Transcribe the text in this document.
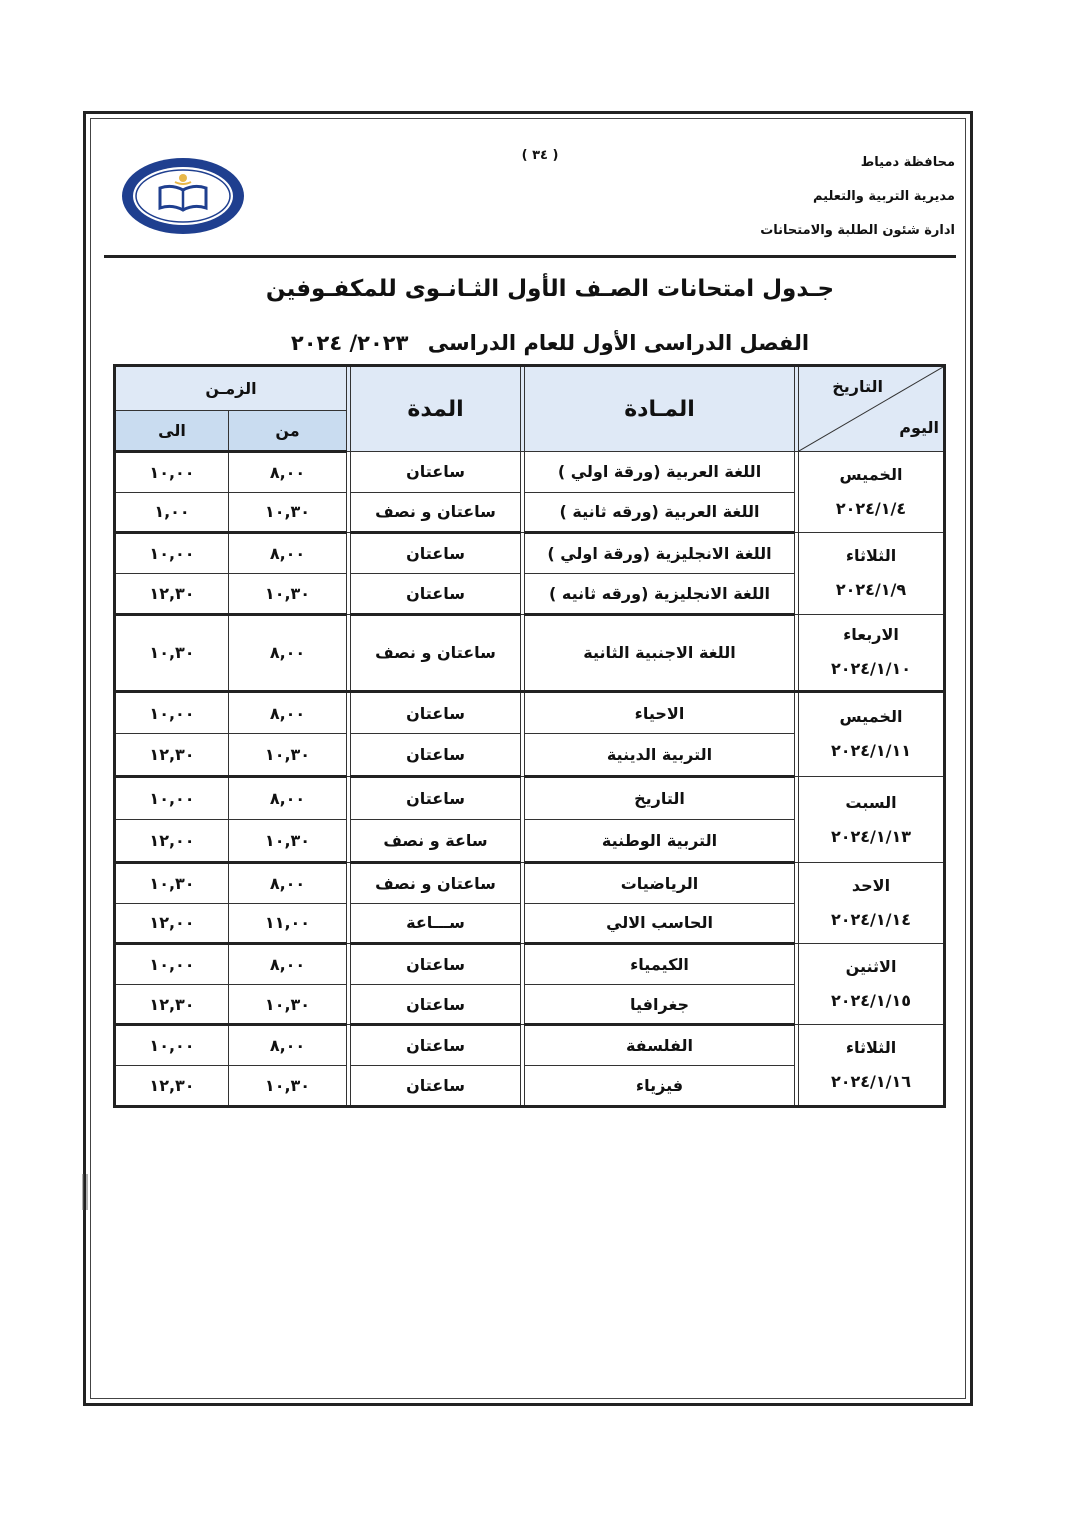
محافظة دمياط
مديرية التربية والتعليم
ادارة شئون الطلبة والامتحانات
( ٣٤ )
جـدول امتحانات الصـف الأول الثـانـوى للمكفـوفين
الفصل الدراسى الأول للعام الدراسى ٢٠٢٣/ ٢٠٢٤
التاريخ
اليوم		المـادة		المدة		الزمـن	
						من	الى

الخميس
٢٠٢٤/١/٤		اللغة العربية (ورقة اولي )		ساعتان		٨,٠٠	١٠,٠٠
		اللغة العربية (ورقه ثانية )		ساعتان و نصف		١٠,٣٠	١,٠٠

الثلاثاء
٢٠٢٤/١/٩		اللغة الانجليزية (ورقة اولي )		ساعتان		٨,٠٠	١٠,٠٠
		اللغة الانجليزية (ورقه ثانيه )		ساعتان		١٠,٣٠	١٢,٣٠

الاربعاء
٢٠٢٤/١/١٠		اللغة الاجنبية الثانية		ساعتان و نصف		٨,٠٠	١٠,٣٠

الخميس
٢٠٢٤/١/١١		الاحياء		ساعتان		٨,٠٠	١٠,٠٠
		التربية الدينية		ساعتان		١٠,٣٠	١٢,٣٠

السبت
٢٠٢٤/١/١٣		التاريخ		ساعتان		٨,٠٠	١٠,٠٠
		التربية الوطنية		ساعة و نصف		١٠,٣٠	١٢,٠٠

الاحد
٢٠٢٤/١/١٤		الرياضيات		ساعتان و نصف		٨,٠٠	١٠,٣٠
		الحاسب الالي		ســـاعة		١١,٠٠	١٢,٠٠

الاثنين
٢٠٢٤/١/١٥		الكيمياء		ساعتان		٨,٠٠	١٠,٠٠
		جغرافيا		ساعتان		١٠,٣٠	١٢,٣٠

الثلاثاء
٢٠٢٤/١/١٦		الفلسفة		ساعتان		٨,٠٠	١٠,٠٠
		فيزياء		ساعتان		١٠,٣٠	١٢,٣٠
